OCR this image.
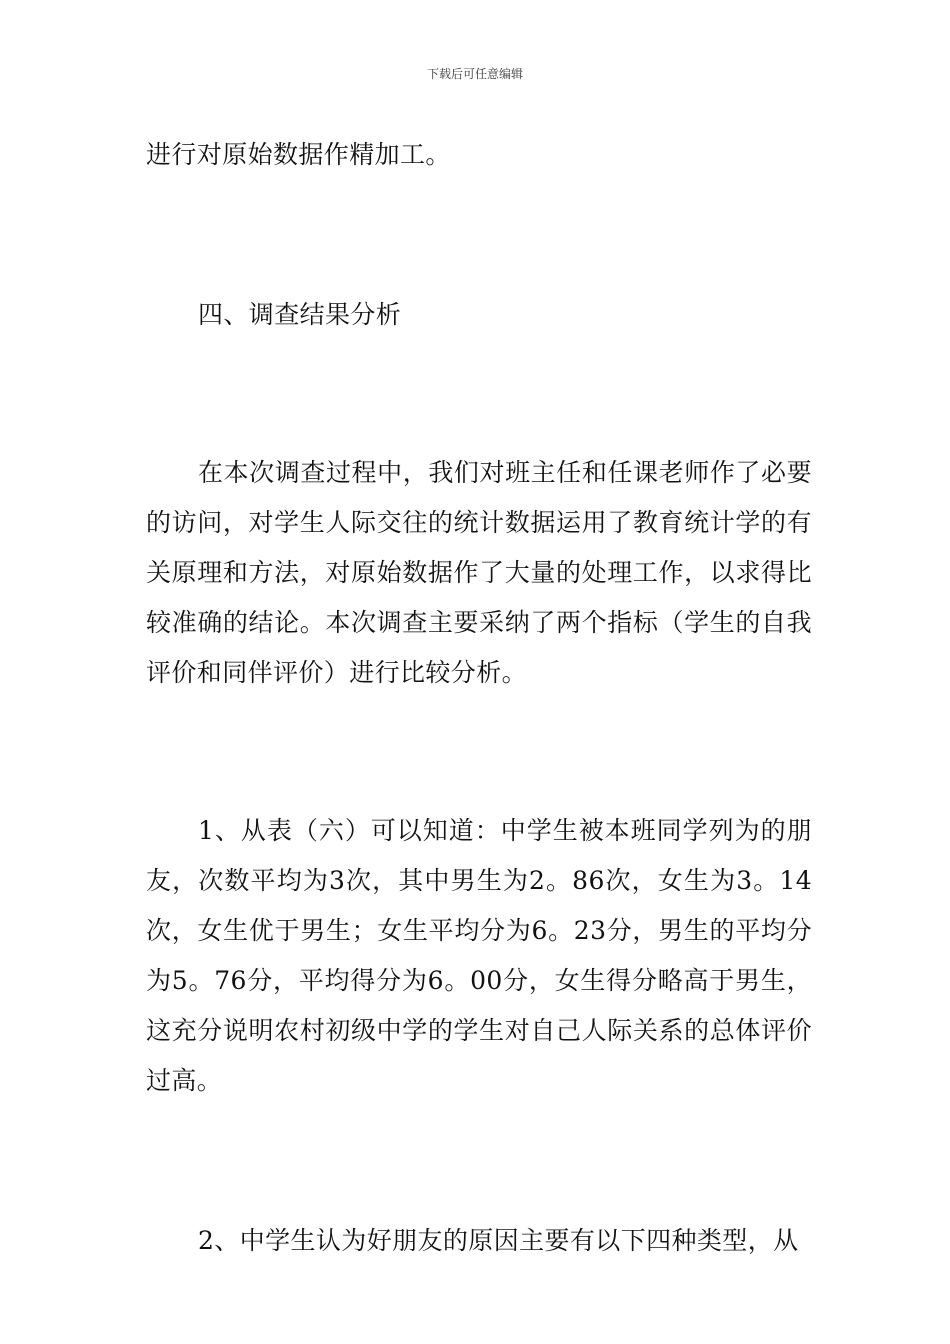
下载后可任意编辑

进行对原始数据作精加工。

四、调查结果分析

在本次调查过程中，我们对班主任和任课老师作了必要的访问，对学生人际交往的统计数据运用了教育统计学的有关原理和方法，对原始数据作了大量的处理工作，以求得比较准确的结论。本次调查主要采纳了两个指标（学生的自我评价和同伴评价）进行比较分析。

1、从表（六）可以知道：中学生被本班同学列为的朋友，次数平均为3次，其中男生为2。86次，女生为3。14次，女生优于男生；女生平均分为6。23分，男生的平均分为5。76分，平均得分为6。00分，女生得分略高于男生，这充分说明农村初级中学的学生对自己人际关系的总体评价过高。

2、中学生认为好朋友的原因主要有以下四种类型，从
